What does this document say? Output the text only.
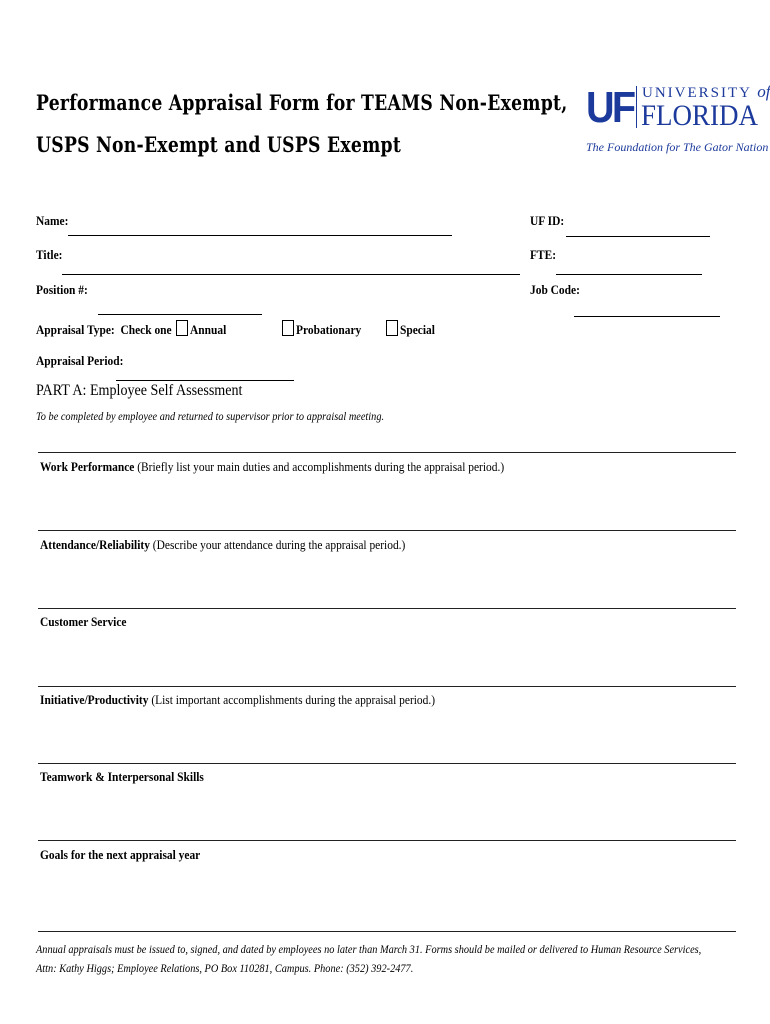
Performance Appraisal Form for TEAMS Non-Exempt,
USPS Non-Exempt and USPS Exempt
UF UNIVERSITY of
FLORIDA
The Foundation for The Gator Nation
Name:
Title:
Position #:
UF ID:
FTE:
Job Code:
Appraisal Type: Check one Annual	Probationary	Special
Appraisal Period:
PART A: Employee Self Assessment
To be completed by employee and returned to supervisor prior to appraisal meeting.
Work Performance (Briefly list your main duties and accomplishments during the appraisal period.)
Attendance/Reliability (Describe your attendance during the appraisal period.)
Customer Service
Initiative/Productivity (List important accomplishments during the appraisal period.)
Teamwork & Interpersonal Skills
Goals for the next appraisal year
Annual appraisals must be issued to, signed, and dated by employees no later than March 31. Forms should be mailed or delivered to Human Resource Services,
Attn: Kathy Higgs; Employee Relations, PO Box 110281, Campus. Phone: (352) 392-2477.
